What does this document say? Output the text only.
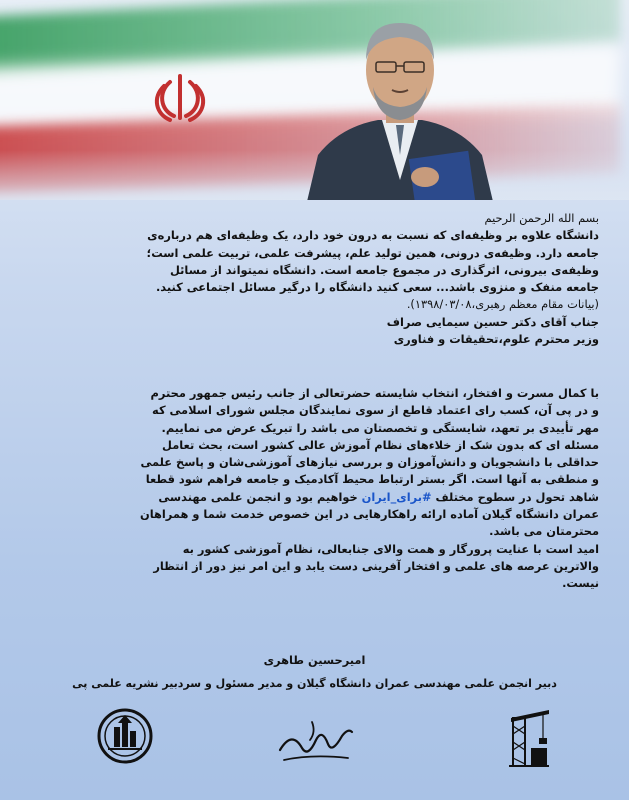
بسم الله الرحمن الرحیم
دانشگاه علاوه بر وظیفه‌ای که نسبت به درون خود دارد، یک وظیفه‌ای هم درباره‌ی
جامعه دارد. وظیفه‌ی درونی، همین تولید علم، پیشرفت علمی، تربیت علمی است؛
وظیفه‌ی بیرونی، اثرگذاری در مجموع جامعه است. دانشگاه نمیتواند از مسائل
جامعه منفک و منزوی باشد... سعی کنید دانشگاه را درگیر مسائل اجتماعی کنید.
(بیانات مقام معظم رهبری،۱۳۹۸/۰۳/۰۸).
جناب آقای دکتر حسین سیمایی صراف
وزیر محترم علوم،تحقیقات و فناوری
با کمال مسرت و افتخار، انتخاب شایسته حضرتعالی از جانب رئیس جمهور محترم
و در پی آن، کسب رای اعتماد قاطع از سوی نمایندگان مجلس شورای اسلامی که
مهر تأییدی بر تعهد، شایستگی و تخصصتان می باشد را تبریک عرض می نماییم.
مسئله ای که بدون شک از خلاءهای نظام آموزش عالی کشور است، بحث تعامل
حداقلی با دانشجویان و دانش‌آموزان و بررسی نیازهای آموزشی‌شان و پاسخ علمی
و منطقی به آنها است. اگر بستر ارتباط محیط آکادمیک و جامعه فراهم شود قطعا
شاهد تحول در سطوح مختلف #برای_ایران خواهیم بود و انجمن علمی مهندسی
عمران دانشگاه گیلان آماده ارائه راهکارهایی در این خصوص خدمت شما و همراهان
محترمتان می باشد.
امید است با عنایت پرورگار و همت والای جنابعالی، نظام آموزشی کشور به
والاترین عرصه های علمی و افتخار آفرینی دست یابد و این امر نیز دور از انتظار
نیست.
امیرحسین طاهری
دبیر انجمن علمی مهندسی عمران دانشگاه گیلان و مدیر مسئول و سردبیر نشریه علمی پی
